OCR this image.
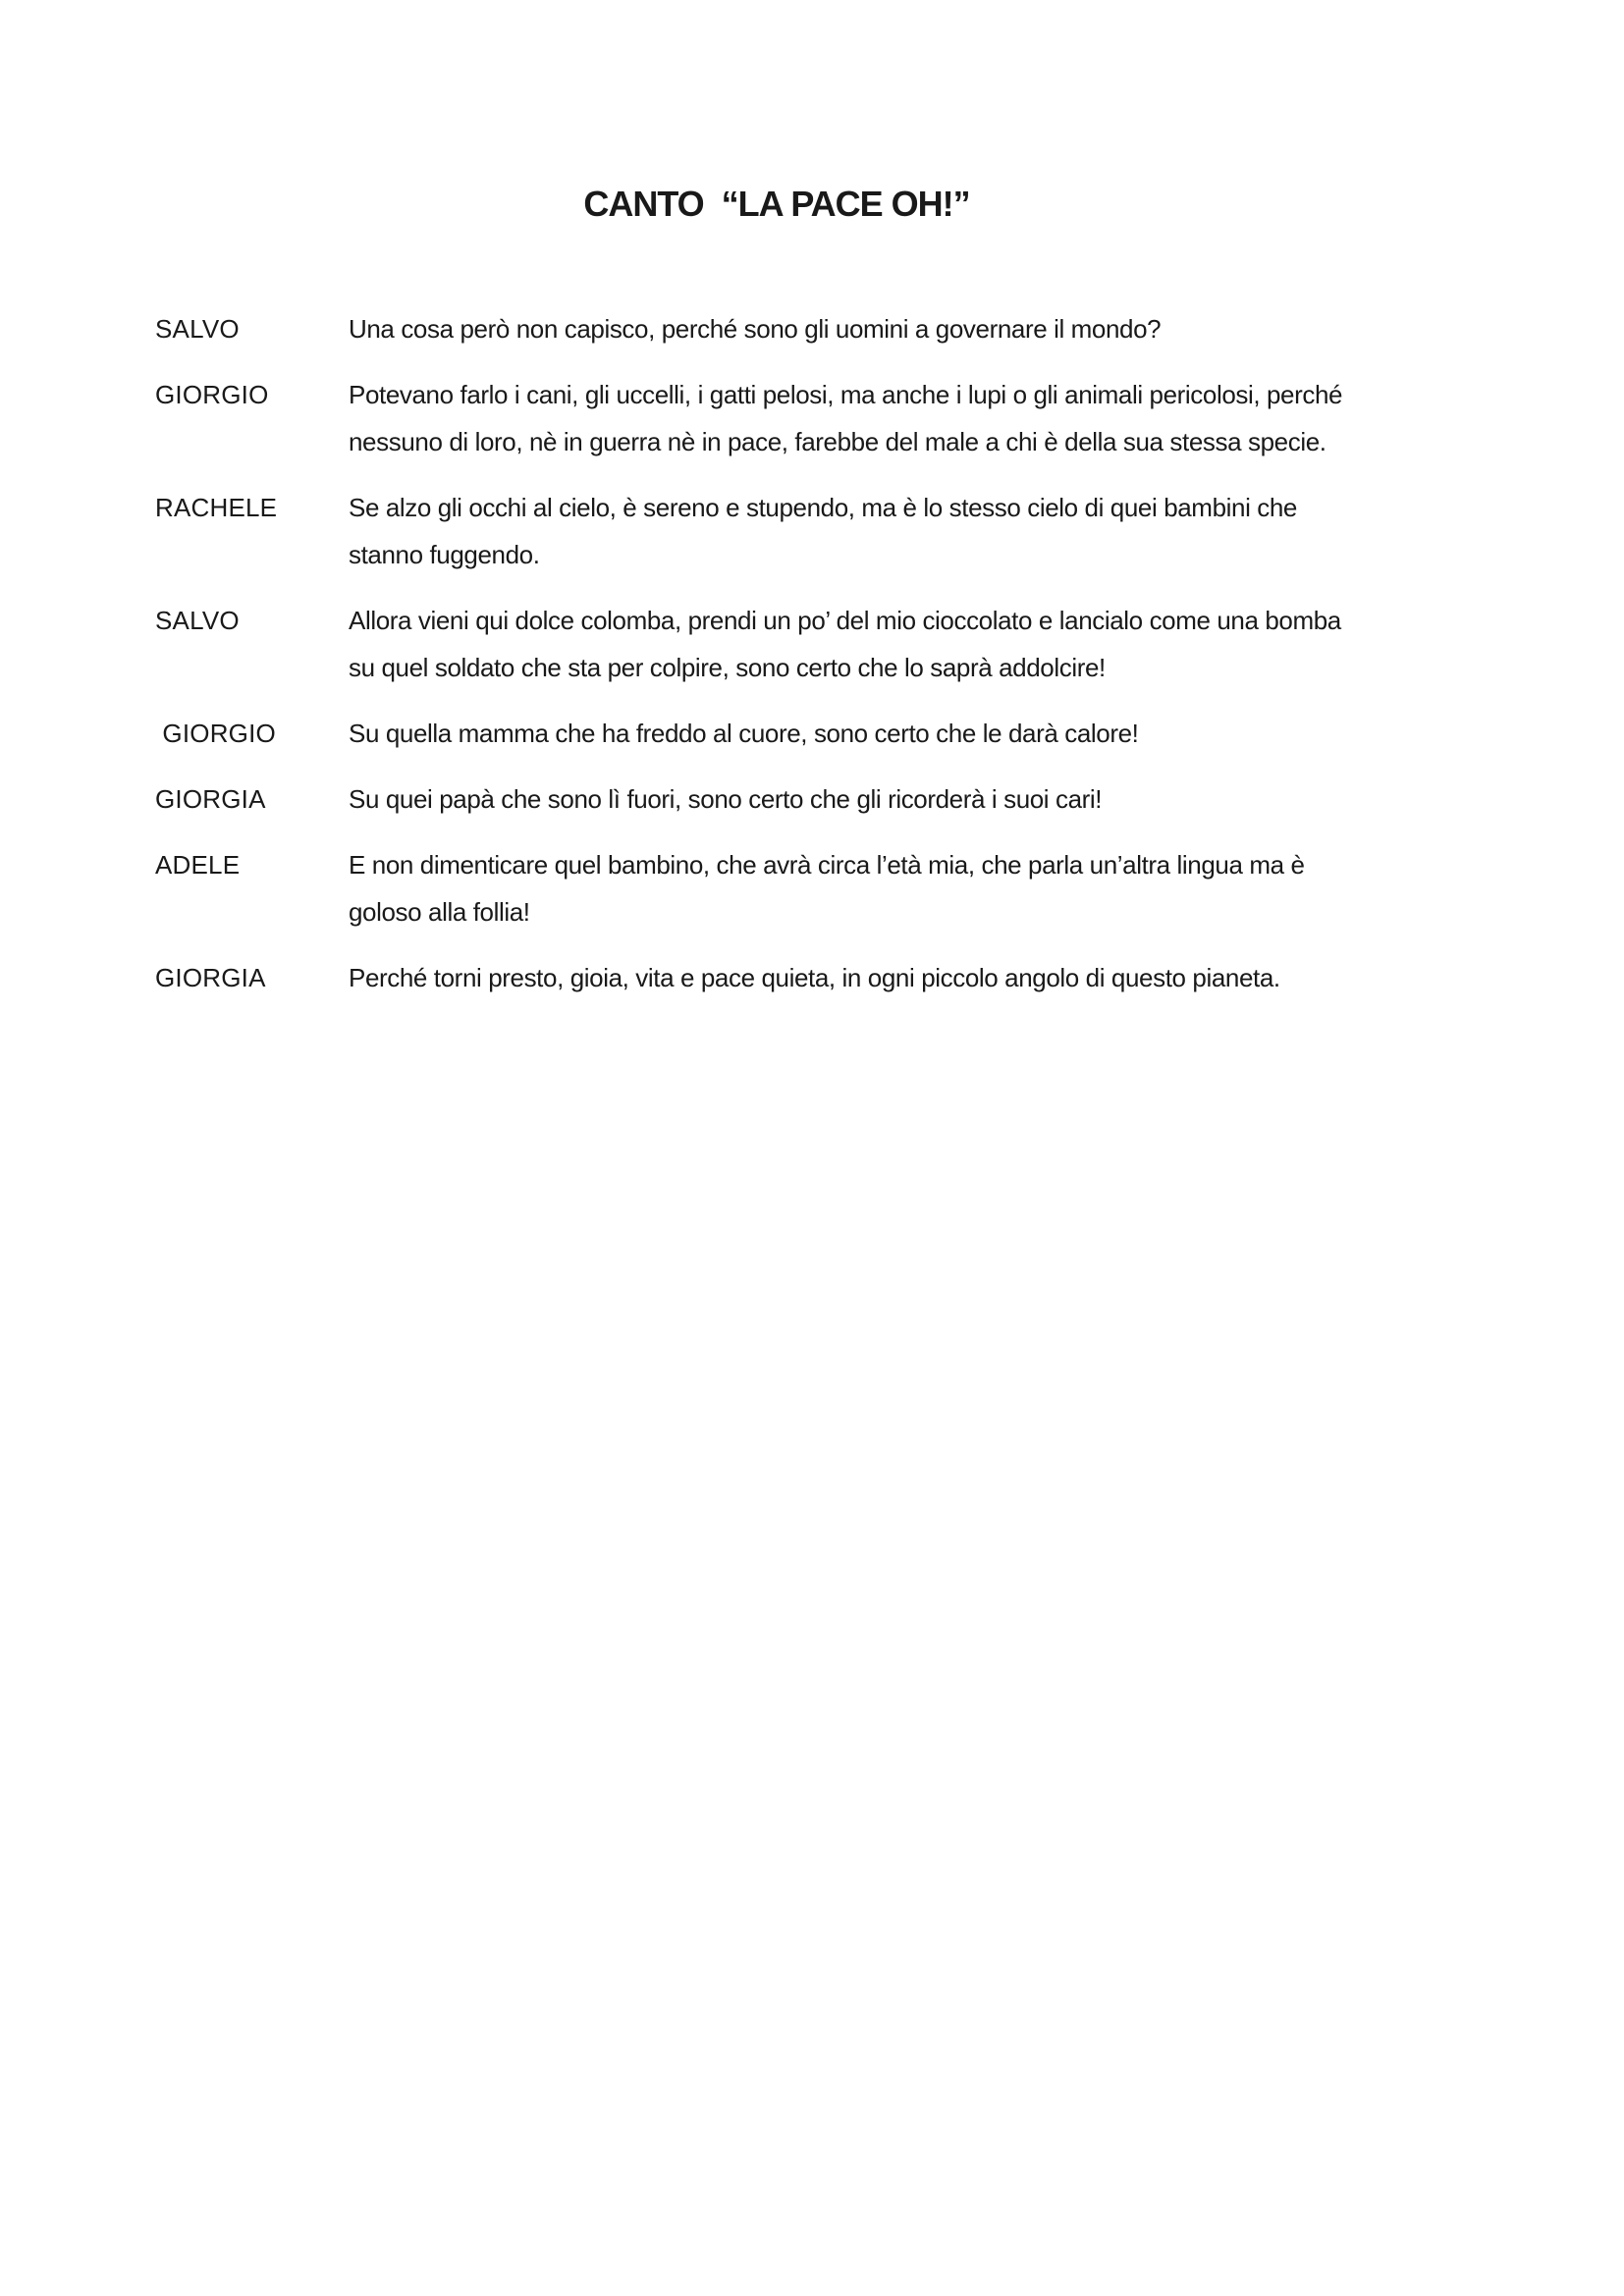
CANTO  “LA PACE OH!”
SALVO	Una cosa però non capisco, perché sono gli uomini a governare il mondo?
GIORGIO	Potevano farlo i cani, gli uccelli, i gatti pelosi, ma anche i lupi o gli animali pericolosi, perché
nessuno di loro, nè in guerra nè in pace, farebbe del male a chi è della sua stessa specie.
RACHELE	Se alzo gli occhi al cielo, è sereno e stupendo, ma è lo stesso cielo di quei bambini che
stanno fuggendo.
SALVO	Allora vieni qui dolce colomba, prendi un po’ del mio cioccolato e lancialo come una bomba
su quel soldato che sta per colpire, sono certo che lo saprà addolcire!
GIORGIO	Su quella mamma che ha freddo al cuore, sono certo che le darà calore!
GIORGIA	Su quei papà che sono lì fuori, sono certo che gli ricorderà i suoi cari!
ADELE	E non dimenticare quel bambino, che avrà circa l’età mia, che parla un’altra lingua ma è
goloso alla follia!
GIORGIA	Perché torni presto, gioia, vita e pace quieta, in ogni piccolo angolo di questo pianeta.
